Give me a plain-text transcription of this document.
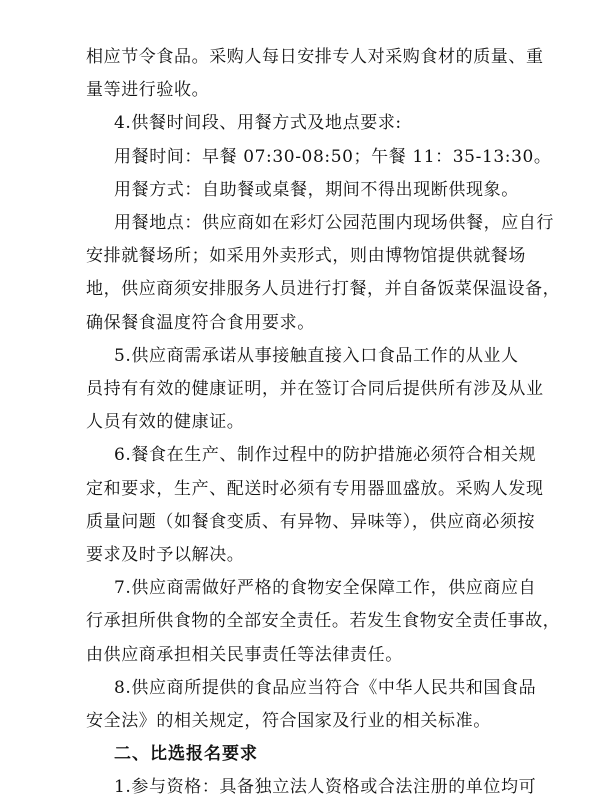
相应节令食品。采购人每日安排专人对采购食材的质量、重
量等进行验收。
4.供餐时间段、用餐方式及地点要求:
用餐时间：早餐 07:30-08:50；午餐 11：35-13:30。
用餐方式：自助餐或桌餐，期间不得出现断供现象。
用餐地点：供应商如在彩灯公园范围内现场供餐，应自行
安排就餐场所；如采用外卖形式，则由博物馆提供就餐场
地，供应商须安排服务人员进行打餐，并自备饭菜保温设备，
确保餐食温度符合食用要求。
5.供应商需承诺从事接触直接入口食品工作的从业人
员持有有效的健康证明，并在签订合同后提供所有涉及从业
人员有效的健康证。
6.餐食在生产、制作过程中的防护措施必须符合相关规
定和要求，生产、配送时必须有专用器皿盛放。采购人发现
质量问题（如餐食变质、有异物、异味等），供应商必须按
要求及时予以解决。
7.供应商需做好严格的食物安全保障工作，供应商应自
行承担所供食物的全部安全责任。若发生食物安全责任事故，
由供应商承担相关民事责任等法律责任。
8.供应商所提供的食品应当符合《中华人民共和国食品
安全法》的相关规定，符合国家及行业的相关标准。
二、比选报名要求
1.参与资格：具备独立法人资格或合法注册的单位均可
